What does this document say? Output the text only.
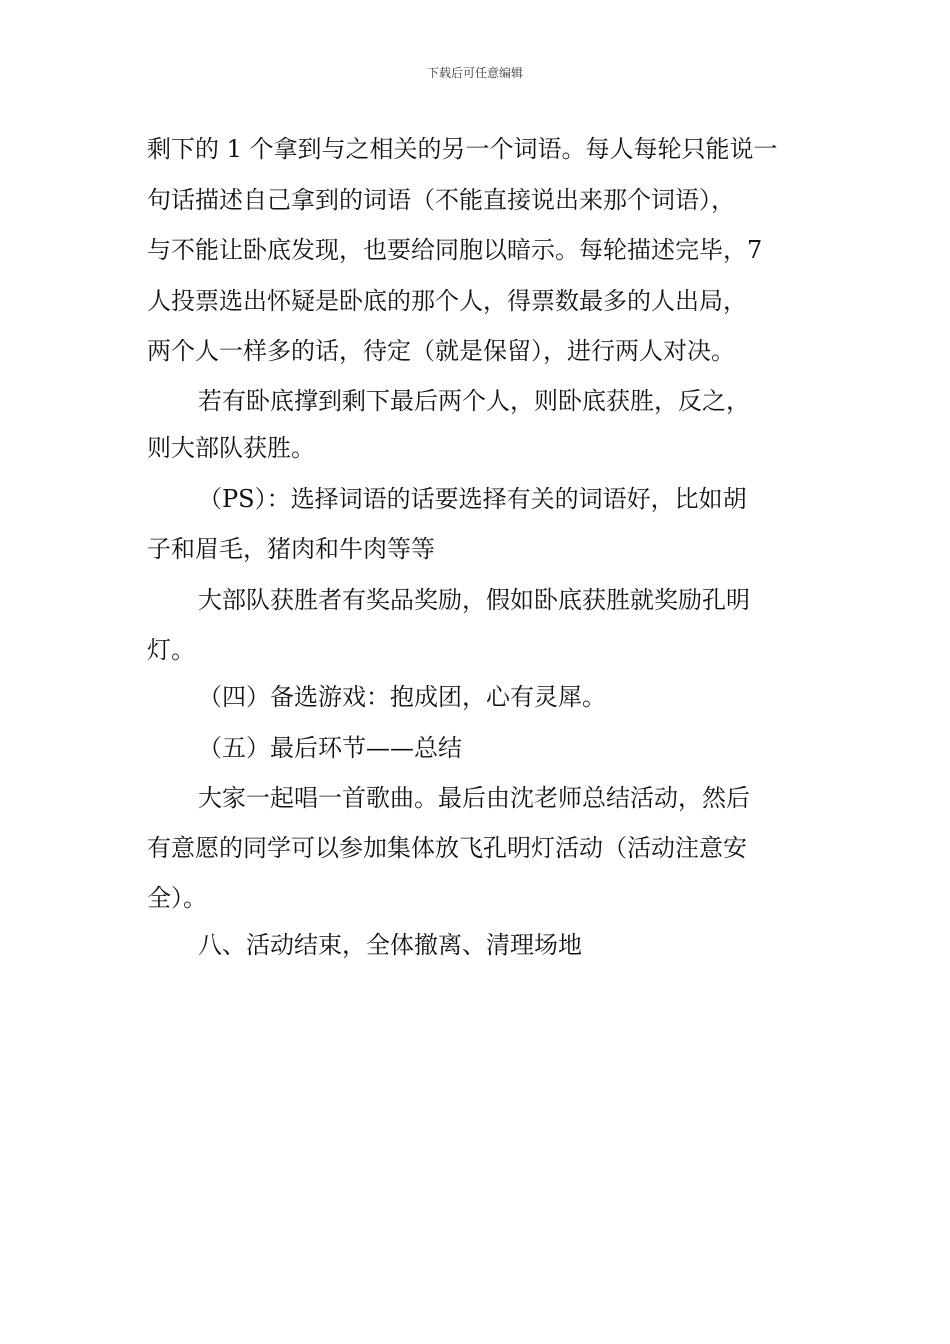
下载后可任意编辑
剩下的 1 个拿到与之相关的另一个词语。每人每轮只能说一
句话描述自己拿到的词语（不能直接说出来那个词语），
与不能让卧底发现，也要给同胞以暗示。每轮描述完毕，7
人投票选出怀疑是卧底的那个人，得票数最多的人出局，
两个人一样多的话，待定（就是保留），进行两人对决。
若有卧底撑到剩下最后两个人，则卧底获胜，反之，
则大部队获胜。
（PS）：选择词语的话要选择有关的词语好，比如胡
子和眉毛，猪肉和牛肉等等
大部队获胜者有奖品奖励，假如卧底获胜就奖励孔明
灯。
（四）备选游戏：抱成团，心有灵犀。
（五）最后环节——总结
大家一起唱一首歌曲。最后由沈老师总结活动，然后
有意愿的同学可以参加集体放飞孔明灯活动（活动注意安
全）。
八、活动结束，全体撤离、清理场地
